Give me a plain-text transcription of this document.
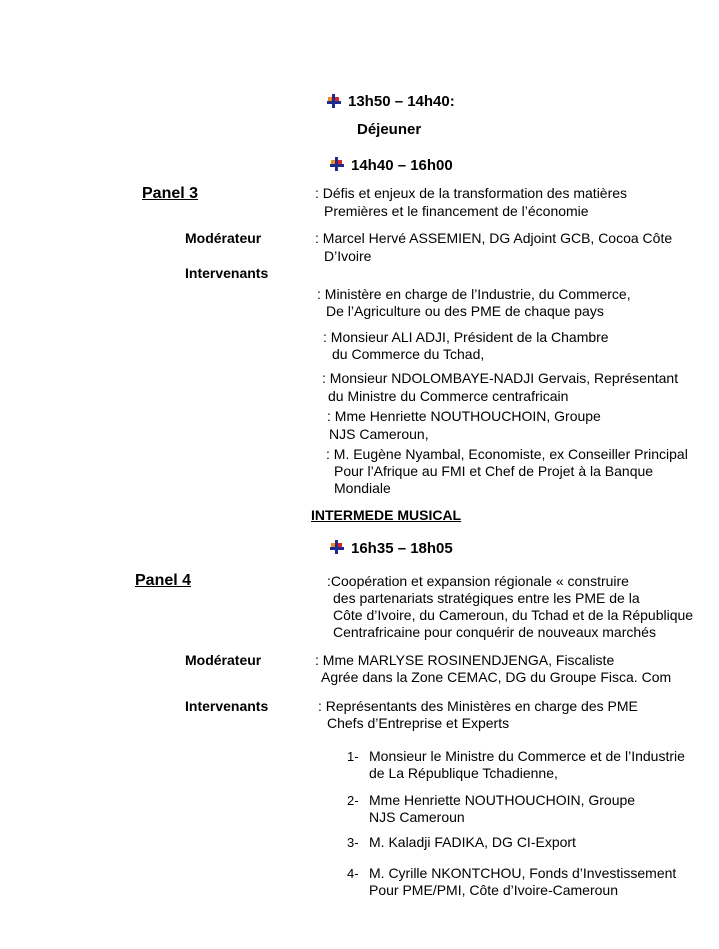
13h50 – 14h40:
Déjeuner
14h40 – 16h00
Panel 3	: Défis et enjeux de la transformation des matières
Premières et le financement de l’économie
Modérateur	: Marcel Hervé ASSEMIEN, DG Adjoint GCB, Cocoa Côte
D’Ivoire
Intervenants
: Ministère en charge de l’Industrie, du Commerce,
De l’Agriculture ou des PME de chaque pays
: Monsieur ALI ADJI, Président de la Chambre
du Commerce du Tchad,
: Monsieur NDOLOMBAYE-NADJI Gervais, Représentant
du Ministre du Commerce centrafricain
: Mme Henriette NOUTHOUCHOIN, Groupe
NJS Cameroun,
: M. Eugène Nyambal, Economiste, ex Conseiller Principal
Pour l’Afrique au FMI et Chef de Projet à la Banque
Mondiale
INTERMEDE MUSICAL
16h35 – 18h05
Panel 4	:Coopération et expansion régionale « construire
des partenariats stratégiques entre les PME de la
Côte d’Ivoire, du Cameroun, du Tchad et de la République
Centrafricaine pour conquérir de nouveaux marchés
Modérateur	: Mme MARLYSE ROSINENDJENGA, Fiscaliste
Agrée dans la Zone CEMAC, DG du Groupe Fisca. Com
Intervenants	: Représentants des Ministères en charge des PME
Chefs d’Entreprise et Experts
1- Monsieur le Ministre du Commerce et de l’Industrie
de La République Tchadienne,
2- Mme Henriette NOUTHOUCHOIN, Groupe
NJS Cameroun
3- M. Kaladji FADIKA, DG CI-Export
4- M. Cyrille NKONTCHOU, Fonds d’Investissement
Pour PME/PMI, Côte d’Ivoire-Cameroun
